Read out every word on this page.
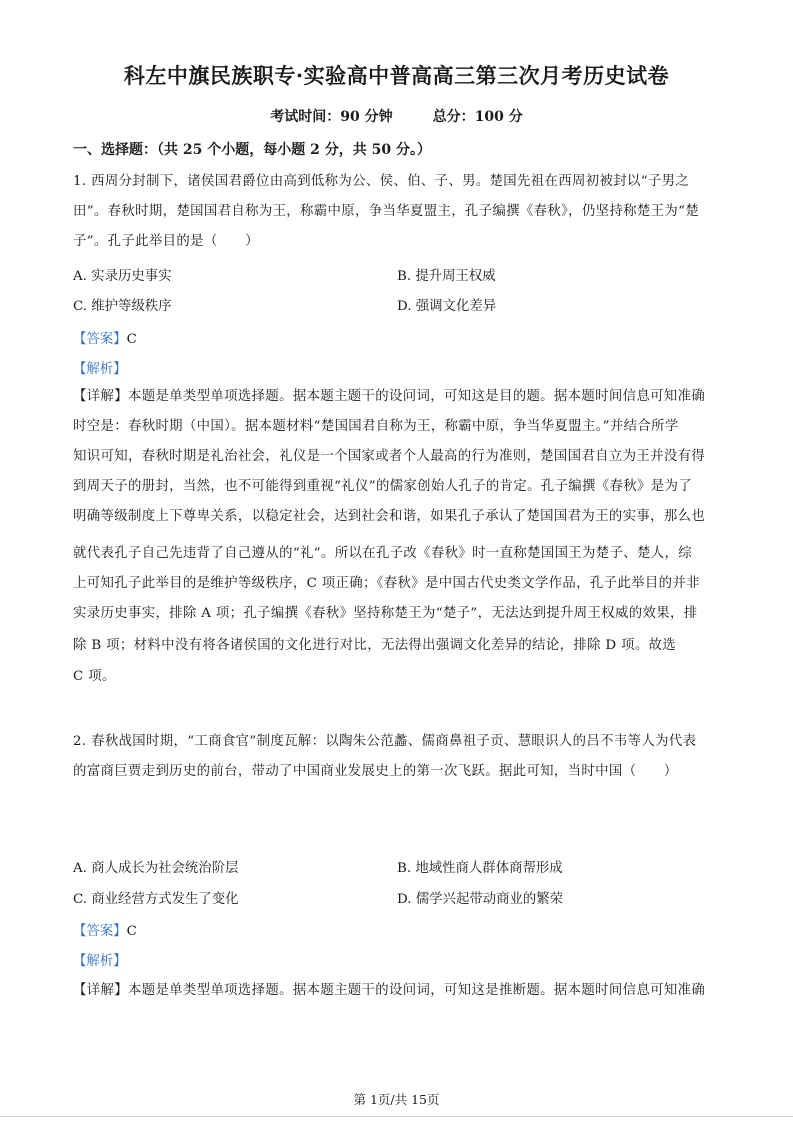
科左中旗民族职专·实验高中普高高三第三次月考历史试卷
考试时间：90 分钟	总分：100 分
一、选择题：（共 25 个小题，每小题 2 分，共 50 分。）
1. 西周分封制下，诸侯国君爵位由高到低称为公、侯、伯、子、男。楚国先祖在西周初被封以“子男之
田”。春秋时期，楚国国君自称为王，称霸中原，争当华夏盟主，孔子编撰《春秋》，仍坚持称楚王为“楚
子”。孔子此举目的是（　　）
A. 实录历史事实	B. 提升周王权威
C. 维护等级秩序	D. 强调文化差异
【答案】C
【解析】
【详解】本题是单类型单项选择题。据本题主题干的设问词，可知这是目的题。据本题时间信息可知准确
时空是：春秋时期（中国）。据本题材料“楚国国君自称为王，称霸中原，争当华夏盟主。”并结合所学
知识可知，春秋时期是礼治社会，礼仪是一个国家或者个人最高的行为准则，楚国国君自立为王并没有得
到周天子的册封，当然，也不可能得到重视“礼仪”的儒家创始人孔子的肯定。孔子编撰《春秋》是为了
明确等级制度上下尊卑关系，以稳定社会，达到社会和谐，如果孔子承认了楚国国君为王的实事，那么也
就代表孔子自己先违背了自己遵从的“礼”。所以在孔子改《春秋》时一直称楚国国王为楚子、楚人，综
上可知孔子此举目的是维护等级秩序，C 项正确；《春秋》是中国古代史类文学作品，孔子此举目的并非
实录历史事实，排除 A 项；孔子编撰《春秋》坚持称楚王为“楚子”，无法达到提升周王权威的效果，排
除 B 项；材料中没有将各诸侯国的文化进行对比，无法得出强调文化差异的结论，排除 D 项。故选
C 项。
2. 春秋战国时期，“工商食官”制度瓦解：以陶朱公范蠡、儒商鼻祖子贡、慧眼识人的吕不韦等人为代表
的富商巨贾走到历史的前台，带动了中国商业发展史上的第一次飞跃。据此可知，当时中国（　　）
A. 商人成长为社会统治阶层	B. 地域性商人群体商帮形成
C. 商业经营方式发生了变化	D. 儒学兴起带动商业的繁荣
【答案】C
【解析】
【详解】本题是单类型单项选择题。据本题主题干的设问词，可知这是推断题。据本题时间信息可知准确
第 1页/共 15页
